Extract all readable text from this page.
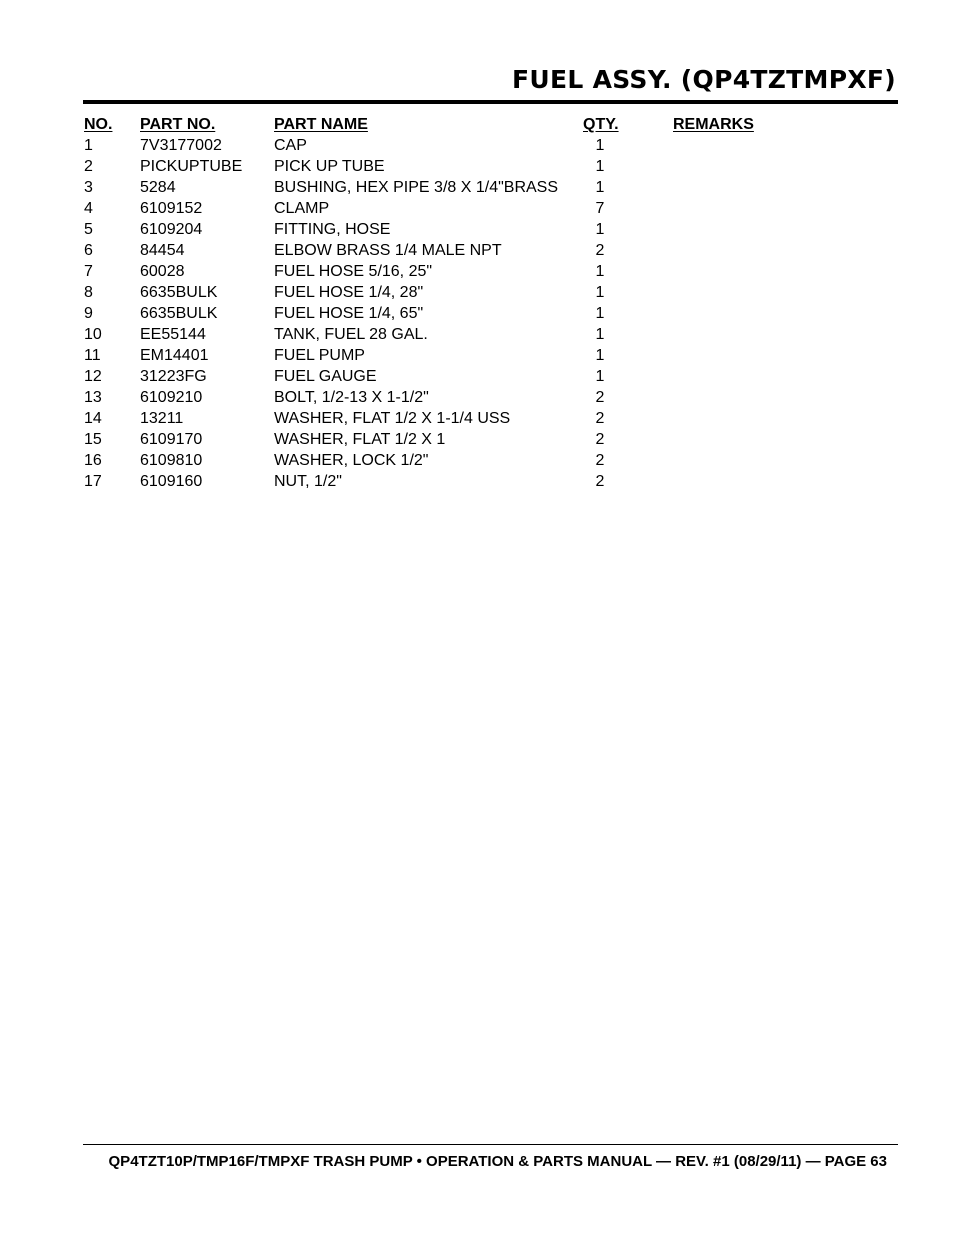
FUEL ASSY. (QP4TZTMPXF)
NO. PART NO.	PART NAME	QTY.	REMARKS
1	7V3177002	CAP	1
2	PICKUPTUBE PICK UP TUBE	1
3	5284	BUSHING, HEX PIPE 3/8 X 1/4"BRASS	1
4	6109152	CLAMP	7
5	6109204	FITTING, HOSE	1
6	84454	ELBOW BRASS 1/4 MALE NPT	2
7	60028	FUEL HOSE 5/16, 25"	1
8	6635BULK	FUEL HOSE 1/4, 28"	1
9	6635BULK	FUEL HOSE 1/4, 65"	1
10 EE55144	TANK, FUEL 28 GAL.	1
11 EM14401	FUEL PUMP	1
12 31223FG	FUEL GAUGE	1
13 6109210	BOLT, 1/2-13 X 1-1/2"	2
14 13211	WASHER, FLAT 1/2 X 1-1/4 USS	2
15 6109170	WASHER, FLAT 1/2 X 1	2
16 6109810	WASHER, LOCK 1/2"	2
17 6109160	NUT, 1/2"	2
QP4TZT10P/TMP16F/TMPXF TRASH PUMP • OPERATION & PARTS MANUAL — REV. #1 (08/29/11) — PAGE 63
